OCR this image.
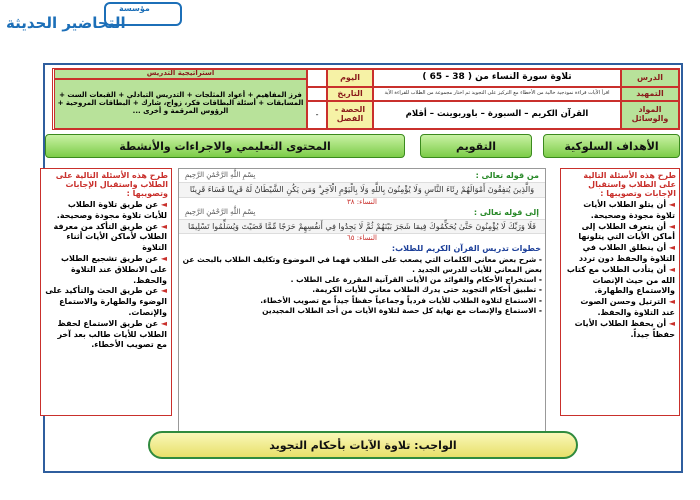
مؤسسة
التحاضير الحديثة
الدرس
تلاوة سورة النساء من ( 38 - 65 )
اليوم
التمهيد
اقرأ الأيات قراءة نموذجية خالية من الأخطاء مع التركيز على التجويد ثم اختار مجموعة من الطلاب للقراءة الأية
التاريخ
المواد والوسائل
القرآن الكريم – السبورة – باوربوينت – أقلام
الحصة - الفصل
-
استراتيجية التدريس
فرز المفاهيم + أعواد المثلجات + التدريس التبادلي + القبعات الست + المسابقات + أسئلة البطاقات فكر، زواج، شارك + البطاقات المروحية + الرؤوس المرقمة و أخرى ...
الأهداف السلوكية
التقويم
المحتوى التعليمي والاجراءات والأنشطة
طرح هذه الأسئلة التالية على الطلاب واستقبال الإجابات وتصويبها :
◄ أن يتلو الطلاب الأيات تلاوة مجودة وصحيحة.
◄ أن يتعرف الطلاب إلى أماكن الأيات التي يتلونها
◄ أن ينطلق الطلاب في التلاوة والحفظ دون تردد
◄ أن يتأدب الطلاب مع كتاب الله من حيث الإنصات والاستماع والطهارة.
◄ الترتيل وحسن الصوت عند التلاوة والحفظ.
◄ أن يحفظ الطلاب الأيات حفظاً جيداً.
من قوله تعالى :
بِسْمِ اللَّهِ الرَّحْمَٰنِ الرَّحِيمِ
وَالَّذِينَ يُنفِقُونَ أَمْوَالَهُمْ رِئَاءَ النَّاسِ وَلَا يُؤْمِنُونَ بِاللَّهِ وَلَا بِالْيَوْمِ الْآخِرِ ۗ وَمَن يَكُنِ الشَّيْطَانُ لَهُ قَرِينًا فَسَاءَ قَرِينًا
النساء: ٣٨
إلى قوله تعالى :
بِسْمِ اللَّهِ الرَّحْمَٰنِ الرَّحِيمِ
فَلَا وَرَبِّكَ لَا يُؤْمِنُونَ حَتَّىٰ يُحَكِّمُوكَ فِيمَا شَجَرَ بَيْنَهُمْ ثُمَّ لَا يَجِدُوا فِي أَنفُسِهِمْ حَرَجًا مِّمَّا قَضَيْتَ وَيُسَلِّمُوا تَسْلِيمًا
النساء: ٦٥
خطوات تدريس القرآن الكريم للطلاب:
- شرح بعض معاني الكلمات التي يصعب على الطلاب فهما في الموضوع وتكليف الطلاب بالبحث عن بعض المعاني للأيات للدرس الجديد .
- استخراج الأحكام والفوائد من الأيات القرآنية المقررة على الطلاب .
- تطبيق أحكام التجويد حتى يدرك الطلاب معاني للأيات الكريمة.
- الاستماع لتلاوة الطلاب للأيات فردياً وجماعياً حفظاً جيداً مع تصويب الأخطاء.
- الاستماع والإنصات مع نهاية كل حصة لتلاوة الأيات من أحد الطلاب المجيدين
طرح هذه الأسئلة التالية على الطلاب واستقبال الإجابات وتصويبها :
◄ عن طريق تلاوة الطلاب للأيات تلاوة مجودة وصحيحة.
◄ عن طريق التأكد من معرفة الطلاب لأماكن الأيات أثناء التلاوة
◄ عن طريق تشجيع الطلاب على الانطلاق عند التلاوة والحفظ.
◄ عن طريق الحث والتأكيد على الوضوء والطهارة والاستماع والإنصات.
◄ عن طريق الاستماع لحفظ الطلاب للأيات طالب بعد آخر مع تصويب الأخطاء.
الواجب: تلاوة الآيات بأحكام التجويد
